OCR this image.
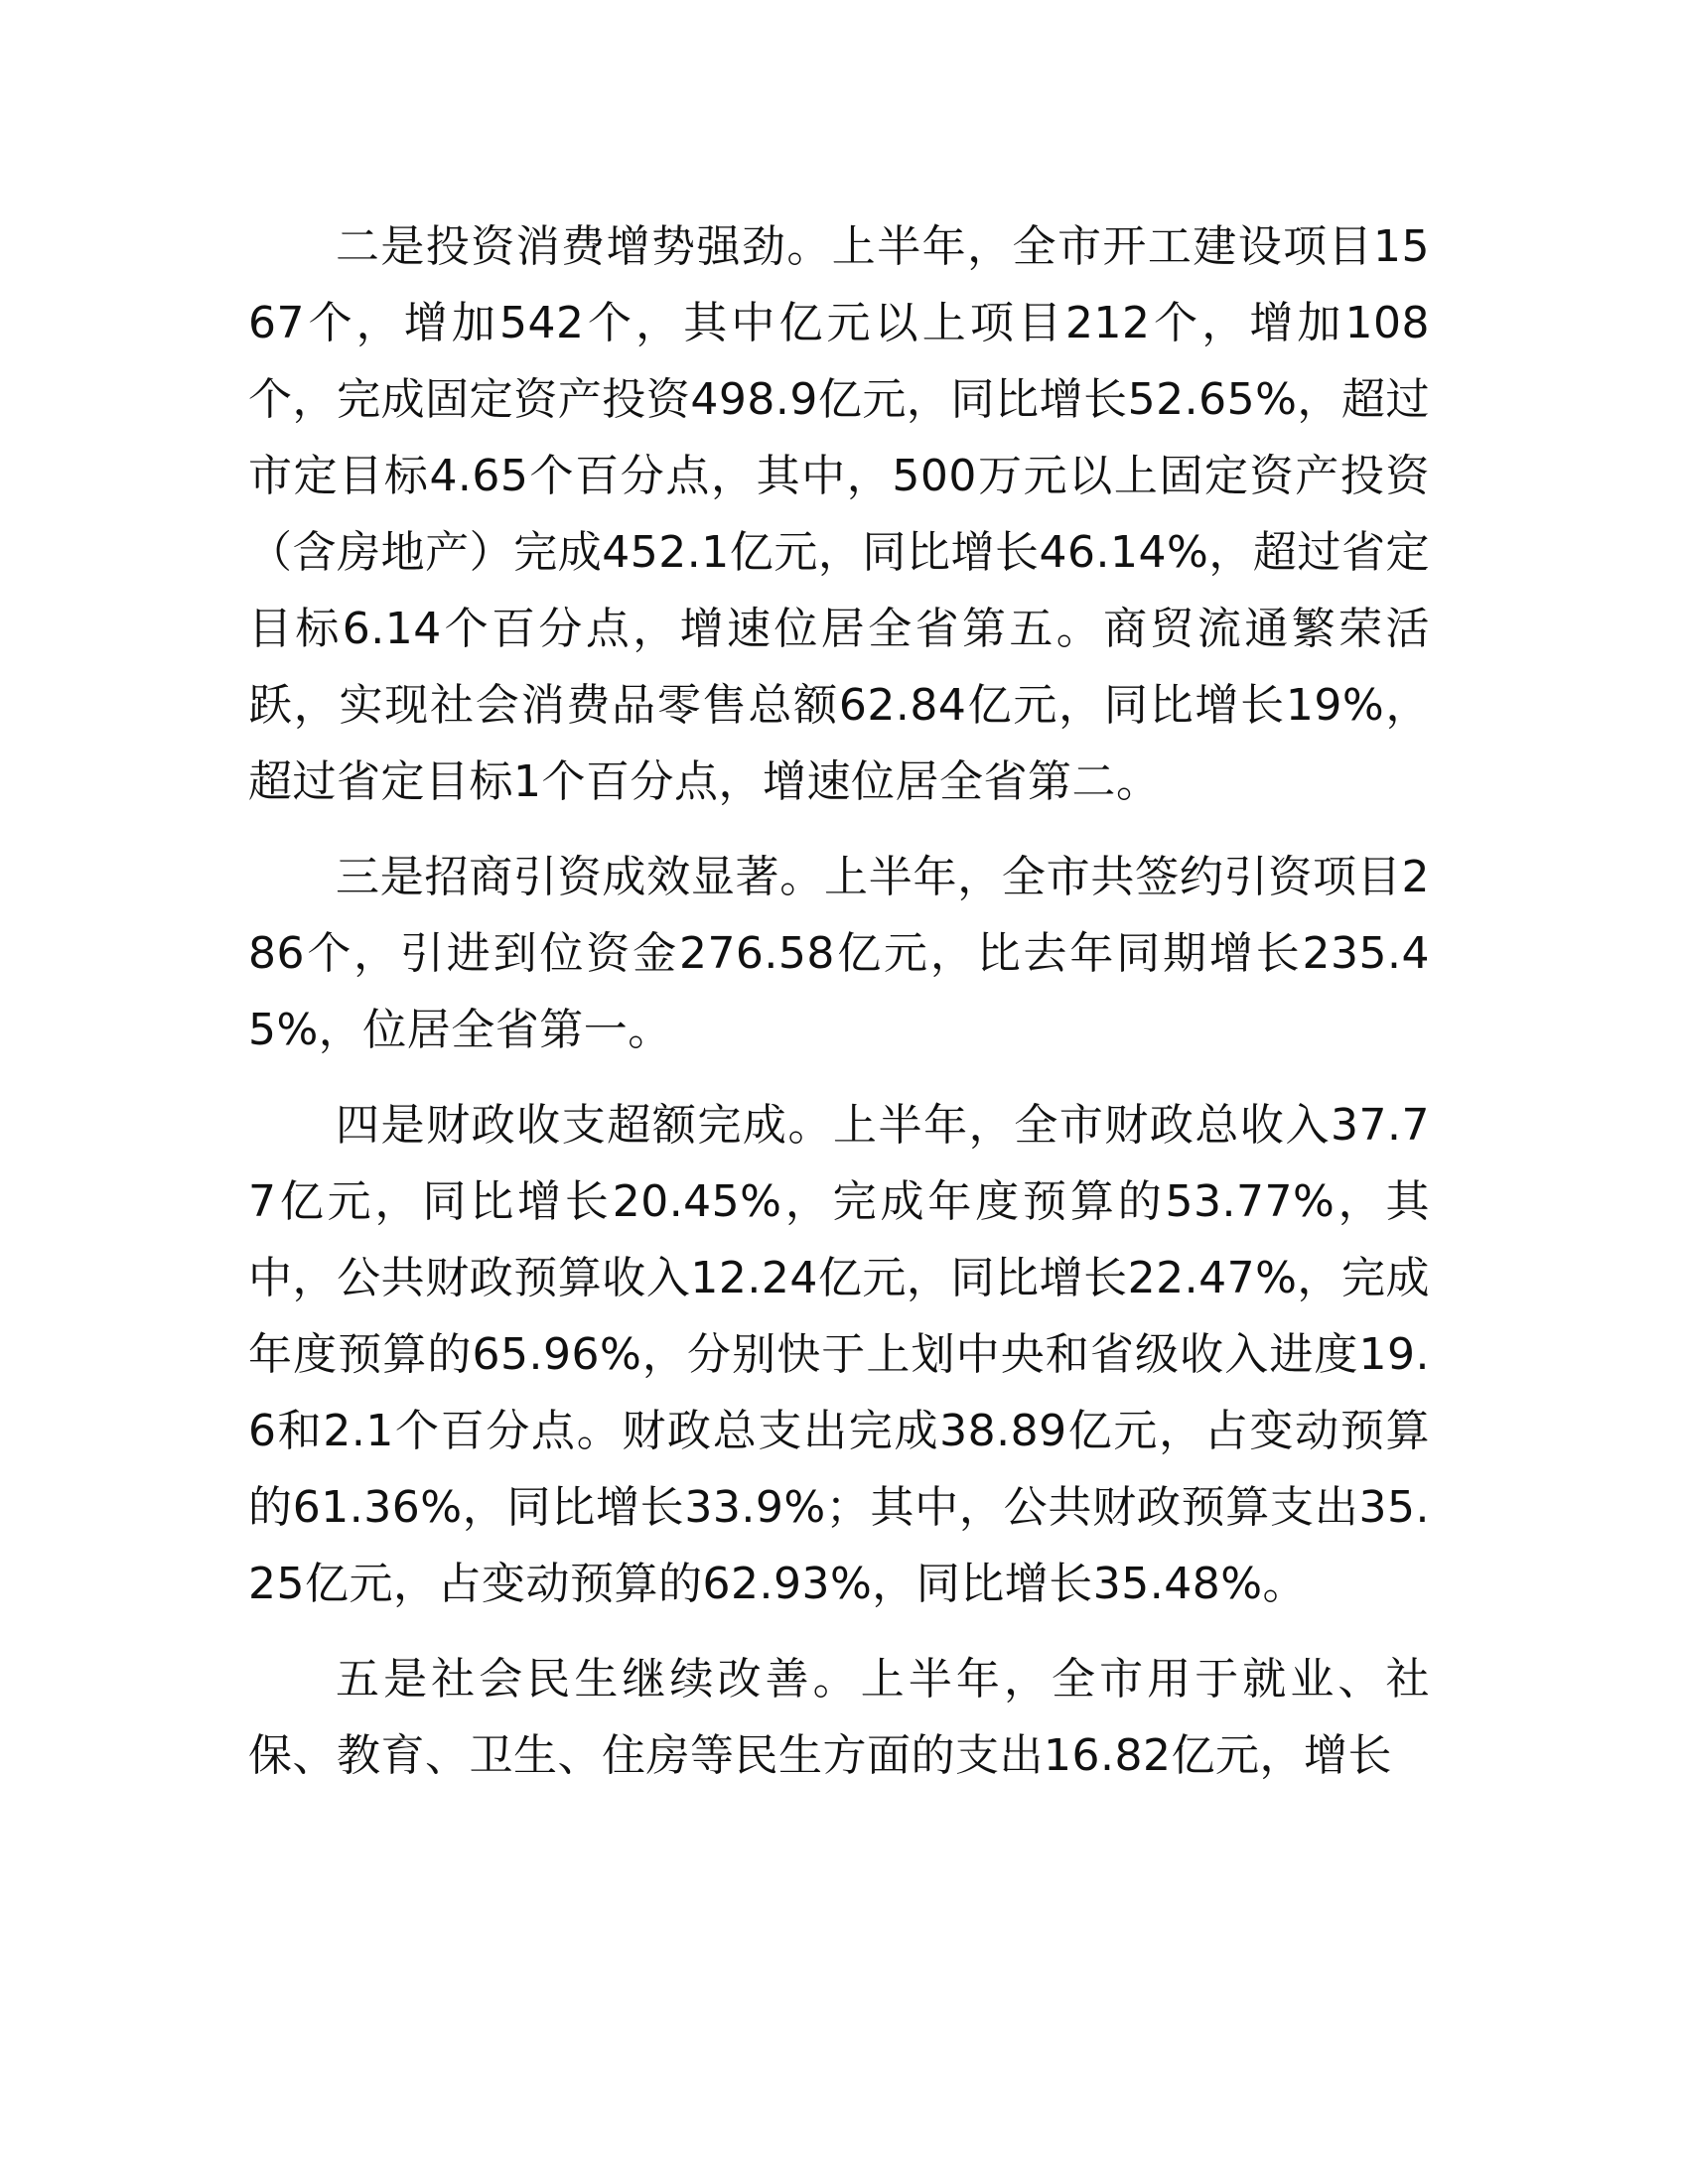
二是投资消费增势强劲。上半年，全市开工建设项目1567个，增加542个，其中亿元以上项目212个，增加108个，完成固定资产投资498.9亿元，同比增长52.65%，超过市定目标4.65个百分点，其中，500万元以上固定资产投资（含房地产）完成452.1亿元，同比增长46.14%，超过省定目标6.14个百分点，增速位居全省第五。商贸流通繁荣活跃，实现社会消费品零售总额62.84亿元，同比增长19%，超过省定目标1个百分点，增速位居全省第二。

三是招商引资成效显著。上半年，全市共签约引资项目286个，引进到位资金276.58亿元，比去年同期增长235.45%，位居全省第一。

四是财政收支超额完成。上半年，全市财政总收入37.77亿元，同比增长20.45%，完成年度预算的53.77%，其中，公共财政预算收入12.24亿元，同比增长22.47%，完成年度预算的65.96%，分别快于上划中央和省级收入进度19.6和2.1个百分点。财政总支出完成38.89亿元，占变动预算的61.36%，同比增长33.9%；其中，公共财政预算支出35.25亿元，占变动预算的62.93%，同比增长35.48%。

五是社会民生继续改善。上半年，全市用于就业、社保、教育、卫生、住房等民生方面的支出16.82亿元，增长
